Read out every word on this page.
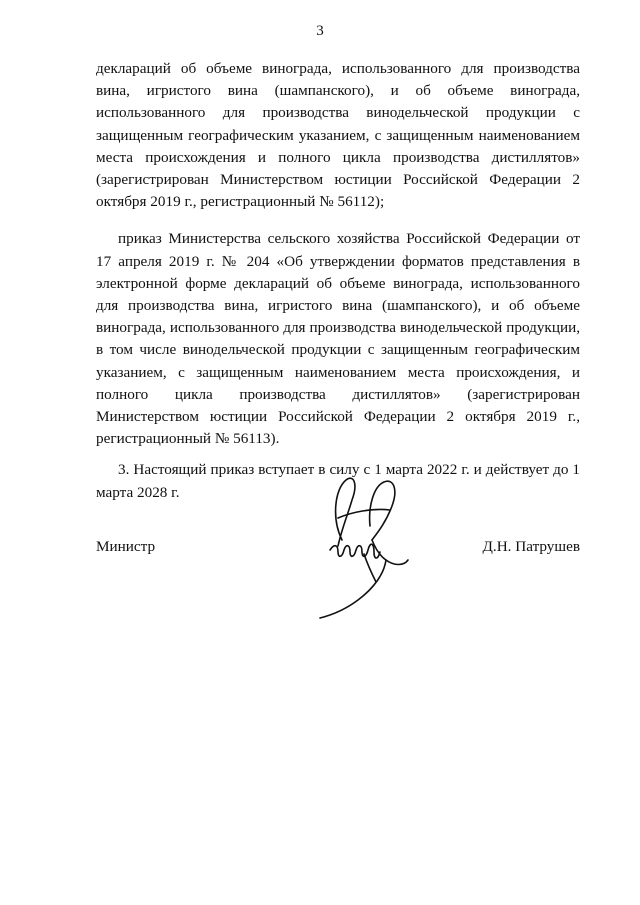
3

деклараций об объеме винограда, использованного для производства вина, игристого вина (шампанского), и об объеме винограда, использованного для производства винодельческой продукции с защищенным географическим указанием, с защищенным наименованием места происхождения и полного цикла производства дистиллятов» (зарегистрирован Министерством юстиции Российской Федерации 2 октября 2019 г., регистрационный № 56112);

приказ Министерства сельского хозяйства Российской Федерации от 17 апреля 2019 г. № 204 «Об утверждении форматов представления в электронной форме деклараций об объеме винограда, использованного для производства вина, игристого вина (шампанского), и об объеме винограда, использованного для производства винодельческой продукции, в том числе винодельческой продукции с защищенным географическим указанием, с защищенным наименованием места происхождения, и полного цикла производства дистиллятов» (зарегистрирован Министерством юстиции Российской Федерации 2 октября 2019 г., регистрационный № 56113).

3. Настоящий приказ вступает в силу с 1 марта 2022 г. и действует до 1 марта 2028 г.

Министр	Д.Н. Патрушев
